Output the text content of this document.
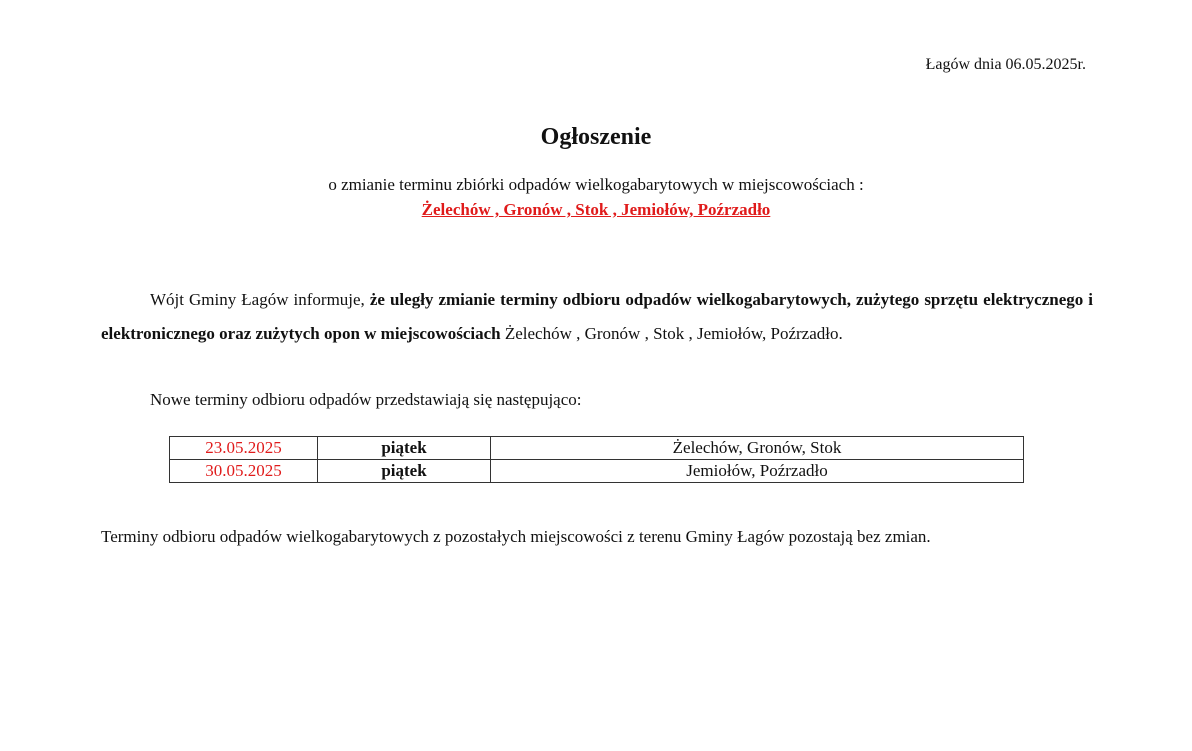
Łagów dnia 06.05.2025r.
Ogłoszenie
o zmianie terminu zbiórki odpadów wielkogabarytowych w miejscowościach :
Żelechów , Gronów , Stok , Jemiołów, Poźrzadło
Wójt Gminy Łagów informuje, że uległy zmianie terminy odbioru odpadów wielkogabarytowych, zużytego sprzętu elektrycznego i elektronicznego oraz zużytych opon w miejscowościach Żelechów , Gronów , Stok , Jemiołów, Poźrzadło.
Nowe terminy odbioru odpadów przedstawiają się następująco:
23.05.2025	piątek	Żelechów, Gronów, Stok
30.05.2025	piątek	Jemiołów, Poźrzadło
Terminy odbioru odpadów wielkogabarytowych z pozostałych miejscowości z terenu Gminy Łagów pozostają bez zmian.
